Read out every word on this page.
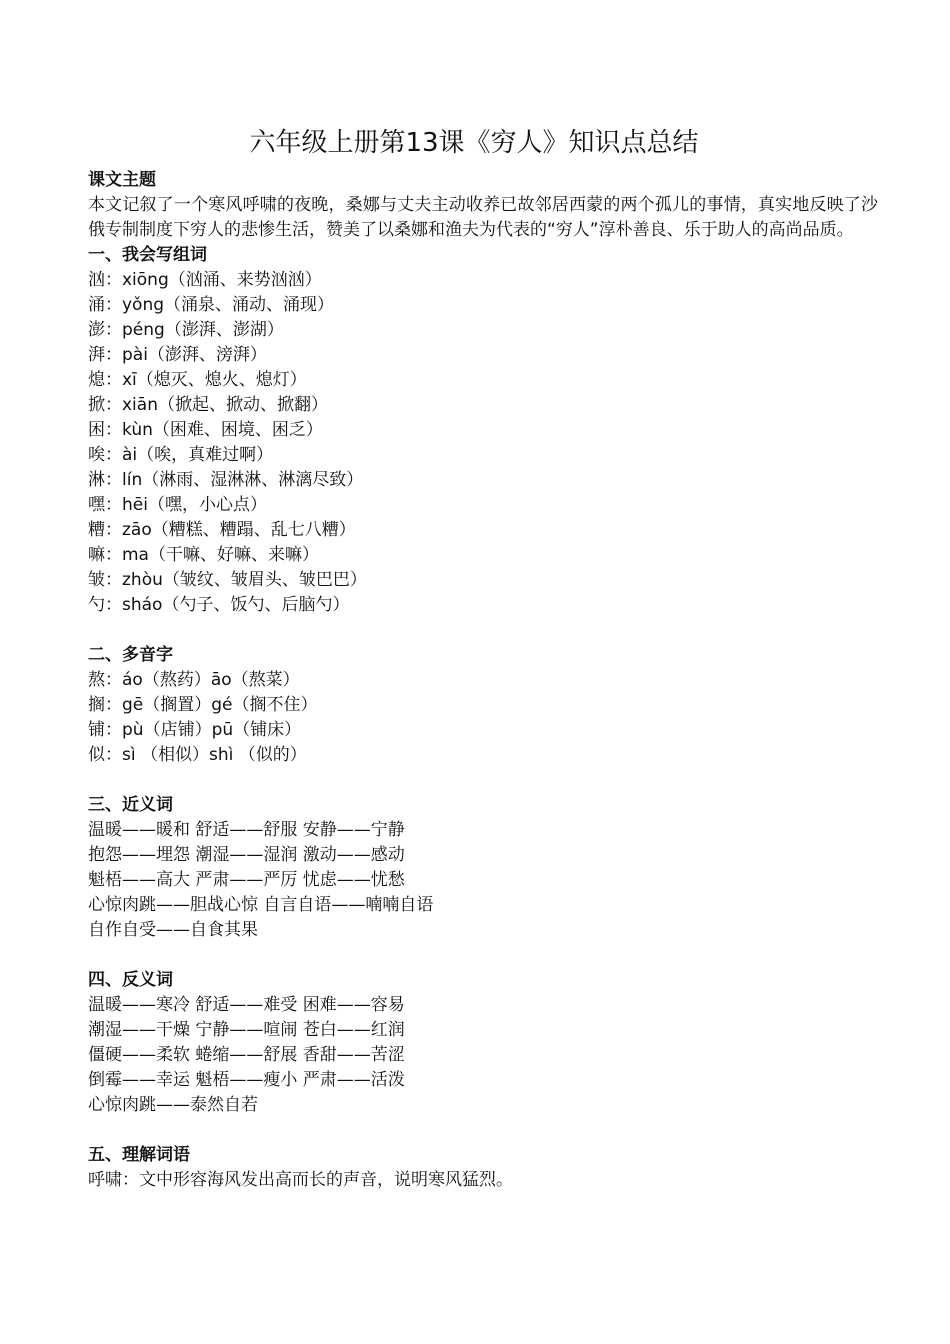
六年级上册第13课《穷人》知识点总结
课文主题

本文记叙了一个寒风呼啸的夜晚，桑娜与丈夫主动收养已故邻居西蒙的两个孤儿的事情，真实地反映了沙俄专制制度下穷人的悲惨生活，赞美了以桑娜和渔夫为代表的“穷人”淳朴善良、乐于助人的高尚品质。

一、我会写组词
汹：xiōng（汹涌、来势汹汹）
涌：yǒng（涌泉、涌动、涌现）
澎：péng（澎湃、澎湖）
湃：pài（澎湃、滂湃）
熄：xī（熄灭、熄火、熄灯）
掀：xiān（掀起、掀动、掀翻）
困：kùn（困难、困境、困乏）
唉：ài（唉，真难过啊）
淋：lín（淋雨、湿淋淋、淋漓尽致）
嘿：hēi（嘿，小心点）
糟：zāo（糟糕、糟蹋、乱七八糟）
嘛：ma（干嘛、好嘛、来嘛）
皱：zhòu（皱纹、皱眉头、皱巴巴）
勺：sháo（勺子、饭勺、后脑勺）
二、多音字
熬：áo（熬药）āo（熬菜）
搁：gē（搁置）gé（搁不住）
铺：pù（店铺）pū（铺床）
似：sì （相似）shì （似的）
三、近义词
温暖——暖和 舒适——舒服 安静——宁静
抱怨——埋怨 潮湿——湿润 激动——感动
魁梧——高大 严肃——严厉 忧虑——忧愁
心惊肉跳——胆战心惊 自言自语——喃喃自语
自作自受——自食其果
四、反义词
温暖——寒冷 舒适——难受 困难——容易
潮湿——干燥 宁静——喧闹 苍白——红润
僵硬——柔软 蜷缩——舒展 香甜——苦涩
倒霉——幸运 魁梧——瘦小 严肃——活泼
心惊肉跳——泰然自若
五、理解词语
呼啸：文中形容海风发出高而长的声音，说明寒风猛烈。
